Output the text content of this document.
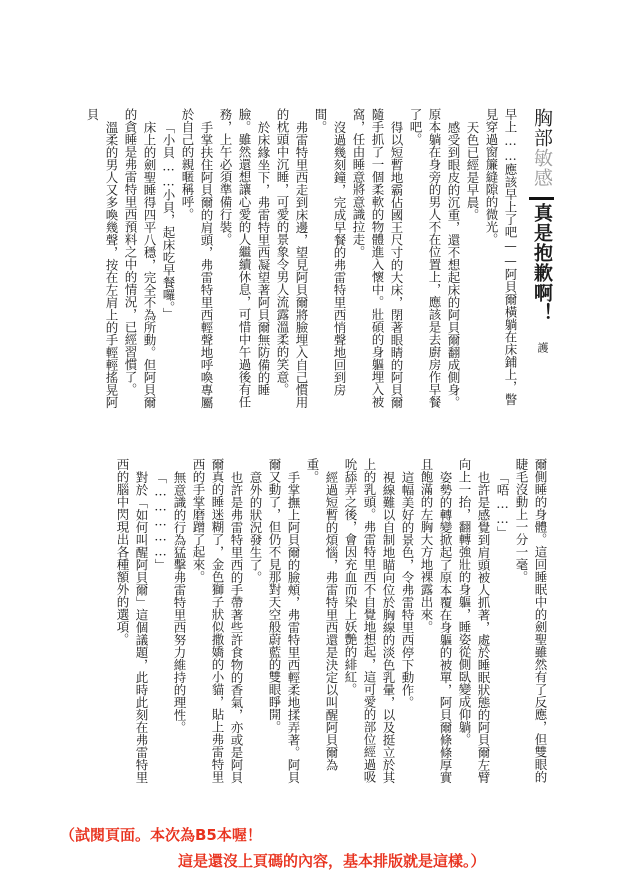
胸部敏感
真是抱歉啊！
護

早上……應該早上了吧——阿貝爾橫躺在床鋪上，瞥見穿過窗簾縫隙的微光。

天色已經是早晨。

感受到眼皮的沉重，還不想起床的阿貝爾翻成側身。原本躺在身旁的男人不在位置上，應該是去廚房作早餐了吧。

得以短暫地霸佔國王尺寸的大床，閉著眼睛的阿貝爾隨手抓了一個柔軟的物體進入懷中。壯碩的身軀埋入被窩，任由睡意將意識拉走。

沒過幾刻鐘，完成早餐的弗雷特里西悄聲地回到房間。

弗雷特里西走到床邊，望見阿貝爾將臉埋入自己慣用的枕頭中沉睡，可愛的景象令男人流露溫柔的笑意。

於床緣坐下，弗雷特里西凝望著阿貝爾無防備的睡臉。雖然還想讓心愛的人繼續休息，可惜中午過後有任務，上午必須準備行裝。

手掌扶住阿貝爾的肩頭，弗雷特里西輕聲地呼喚專屬於自己的親暱稱呼。

「小貝……小貝，起床吃早餐囉。」

床上的劍聖睡得四平八穩，完全不為所動。但阿貝爾的貪睡是弗雷特里西預料之中的情況，已經習慣了。

溫柔的男人又多喚幾聲，按在左肩上的手輕輕搖晃阿貝

爾側睡的身體。這回睡眠中的劍聖雖然有了反應，但雙眼的睫毛沒動上一分一毫。

「唔……」

也許是感覺到肩頭被人抓著，處於睡眠狀態的阿貝爾左臂向上一抬，翻轉強壯的身軀，睡姿從側臥變成仰躺。

姿勢的轉變掀起了原本覆在身軀的被單，阿貝爾條條厚實且飽滿的左胸大方地裸露出來。

這幅美好的景色，令弗雷特里西停下動作。

視線難以自制地瞄向位於胸線的淡色乳暈，以及挺立於其上的乳頭。弗雷特里西不自覺地想起，這可愛的部位經過吸吮舔弄之後，會因充血而染上妖艷的緋紅。

經過短暫的煩惱，弗雷特里西還是決定以叫醒阿貝爾為重。

手掌撫上阿貝爾的臉頰，弗雷特里西輕柔地揉弄著。阿貝爾又動了，但仍不見那對天空般蔚藍的雙眼睜開。

意外的狀況發生了。

也許是弗雷特里西的手帶著些許食物的香氣，亦或是阿貝爾真的睡迷糊了，金色獅子狀似撒嬌的小貓，貼上弗雷特里西的手掌磨蹭了起來。

無意識的行為猛擊弗雷特里西努力維持的理性。

「……………」

對於「如何叫醒阿貝爾」這個議題，此時此刻在弗雷特里西的腦中閃現出各種額外的選項。

（試閱頁面。本次為B5本喔！
這是還沒上頁碼的內容，基本排版就是這樣。）
